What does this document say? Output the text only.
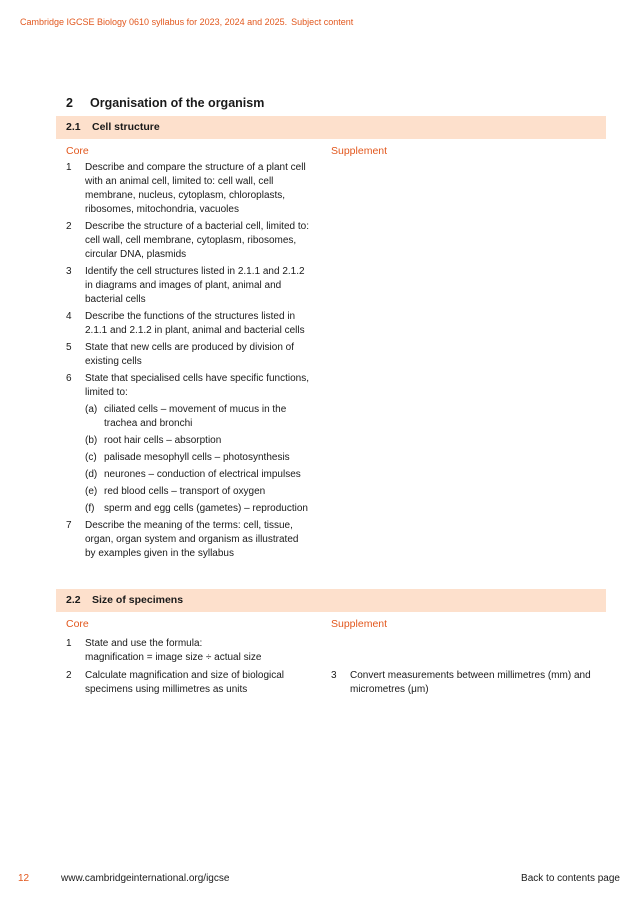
Cambridge IGCSE Biology 0610 syllabus for 2023, 2024 and 2025. Subject content
2 Organisation of the organism
2.1 Cell structure
Core	Supplement
1 Describe and compare the structure of a plant cell with an animal cell, limited to: cell wall, cell membrane, nucleus, cytoplasm, chloroplasts, ribosomes, mitochondria, vacuoles
2 Describe the structure of a bacterial cell, limited to: cell wall, cell membrane, cytoplasm, ribosomes, circular DNA, plasmids
3 Identify the cell structures listed in 2.1.1 and 2.1.2 in diagrams and images of plant, animal and bacterial cells
4 Describe the functions of the structures listed in 2.1.1 and 2.1.2 in plant, animal and bacterial cells
5 State that new cells are produced by division of existing cells
6 State that specialised cells have specific functions, limited to:
(a) ciliated cells – movement of mucus in the trachea and bronchi
(b) root hair cells – absorption
(c) palisade mesophyll cells – photosynthesis
(d) neurones – conduction of electrical impulses
(e) red blood cells – transport of oxygen
(f) sperm and egg cells (gametes) – reproduction
7 Describe the meaning of the terms: cell, tissue, organ, organ system and organism as illustrated by examples given in the syllabus
2.2 Size of specimens
Core	Supplement
1 State and use the formula:
magnification = image size ÷ actual size
2 Calculate magnification and size of biological specimens using millimetres as units
3 Convert measurements between millimetres (mm) and micrometres (μm)
12	www.cambridgeinternational.org/igcse	Back to contents page
